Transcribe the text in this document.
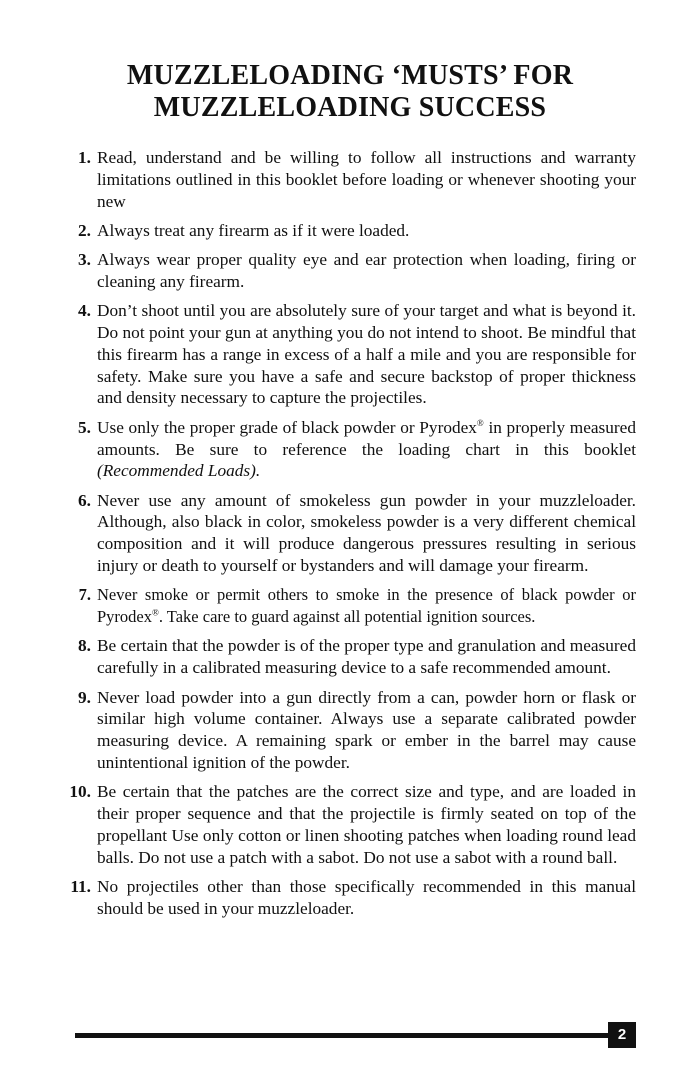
MUZZLELOADING ‘MUSTS’ FOR
MUZZLELOADING SUCCESS
1. Read, understand and be willing to follow all instructions and warranty limitations outlined in this booklet before loading or whenever shooting your new
2. Always treat any firearm as if it were loaded.
3. Always wear proper quality eye and ear protection when loading, firing or cleaning any firearm.
4. Don’t shoot until you are absolutely sure of your target and what is beyond it. Do not point your gun at anything you do not intend to shoot. Be mindful that this firearm has a range in excess of a half a mile and you are responsible for safety. Make sure you have a safe and secure backstop of proper thickness and density necessary to capture the projectiles.
5. Use only the proper grade of black powder or Pyrodex® in properly measured amounts. Be sure to reference the loading chart in this booklet (Recommended Loads).
6. Never use any amount of smokeless gun powder in your muzzleloader. Although, also black in color, smokeless powder is a very different chemical composition and it will produce dangerous pressures resulting in serious injury or death to yourself or bystanders and will damage your firearm.
7. Never smoke or permit others to smoke in the presence of black powder or Pyrodex®. Take care to guard against all potential ignition sources.
8. Be certain that the powder is of the proper type and granulation and measured carefully in a calibrated measuring device to a safe recommended amount.
9. Never load powder into a gun directly from a can, powder horn or flask or similar high volume container. Always use a separate calibrated powder measuring device. A remaining spark or ember in the barrel may cause unintentional ignition of the powder.
10. Be certain that the patches are the correct size and type, and are loaded in their proper sequence and that the projectile is firmly seated on top of the propellant Use only cotton or linen shooting patches when loading round lead balls. Do not use a patch with a sabot. Do not use a sabot with a round ball.
11. No projectiles other than those specifically recommended in this manual should be used in your muzzleloader.
2
